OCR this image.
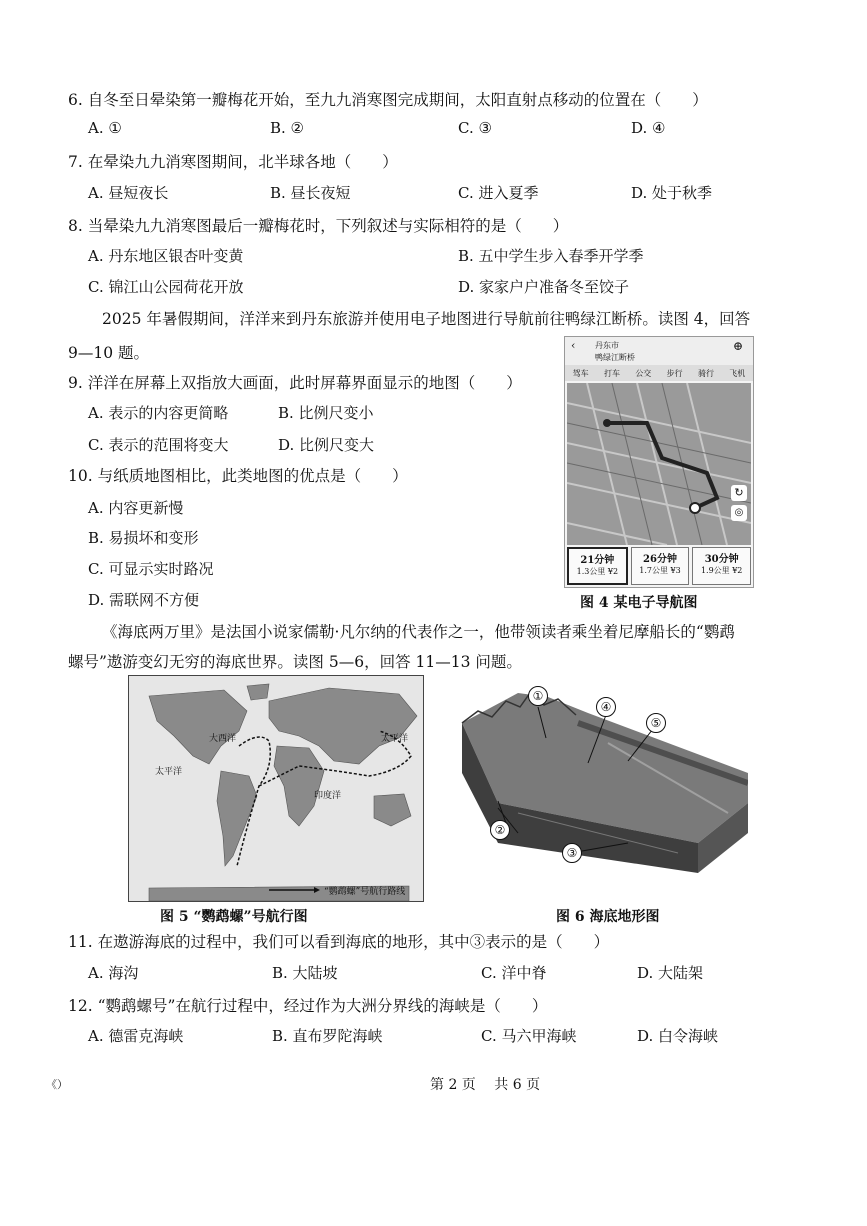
6. 自冬至日晕染第一瓣梅花开始，至九九消寒图完成期间，太阳直射点移动的位置在（　　）
A. ①	B. ②	C. ③	D. ④
7. 在晕染九九消寒图期间，北半球各地（　　）
A. 昼短夜长	B. 昼长夜短	C. 进入夏季	D. 处于秋季
8. 当晕染九九消寒图最后一瓣梅花时，下列叙述与实际相符的是（　　）
A. 丹东地区银杏叶变黄	B. 五中学生步入春季开学季
C. 锦江山公园荷花开放	D. 家家户户准备冬至饺子
2025 年暑假期间，洋洋来到丹东旅游并使用电子地图进行导航前往鸭绿江断桥。读图 4，回答
9—10 题。
9. 洋洋在屏幕上双指放大画面，此时屏幕界面显示的地图（　　）
A. 表示的内容更简略	B. 比例尺变小
C. 表示的范围将变大	D. 比例尺变大
10. 与纸质地图相比，此类地图的优点是（　　）
A. 内容更新慢
B. 易损坏和变形
C. 可显示实时路况
D. 需联网不方便
‹ 丹东市
鸭绿江断桥
⊕
驾车 打车 公交 步行 骑行 飞机
↻
◎
21分钟
1.3公里 ¥2
26分钟
1.7公里 ¥3
30分钟
1.9公里 ¥2
图 4 某电子导航图
《海底两万里》是法国小说家儒勒·凡尔纳的代表作之一，他带领读者乘坐着尼摩船长的“鹦鹉
螺号”遨游变幻无穷的海底世界。读图 5—6，回答 11—13 问题。
太平洋
大西洋
印度洋
太平洋
“鹦鹉螺”号航行路线
图 5 “鹦鹉螺”号航行图
①
④
⑤
②
③
图 6 海底地形图
11. 在遨游海底的过程中，我们可以看到海底的地形，其中③表示的是（　　）
A. 海沟	B. 大陆坡	C. 洋中脊	D. 大陆架
12. “鹦鹉螺号”在航行过程中，经过作为大洲分界线的海峡是（　　）
A. 德雷克海峡	B. 直布罗陀海峡	C. 马六甲海峡	D. 白令海峡
《）	第 2 页　 共 6 页
